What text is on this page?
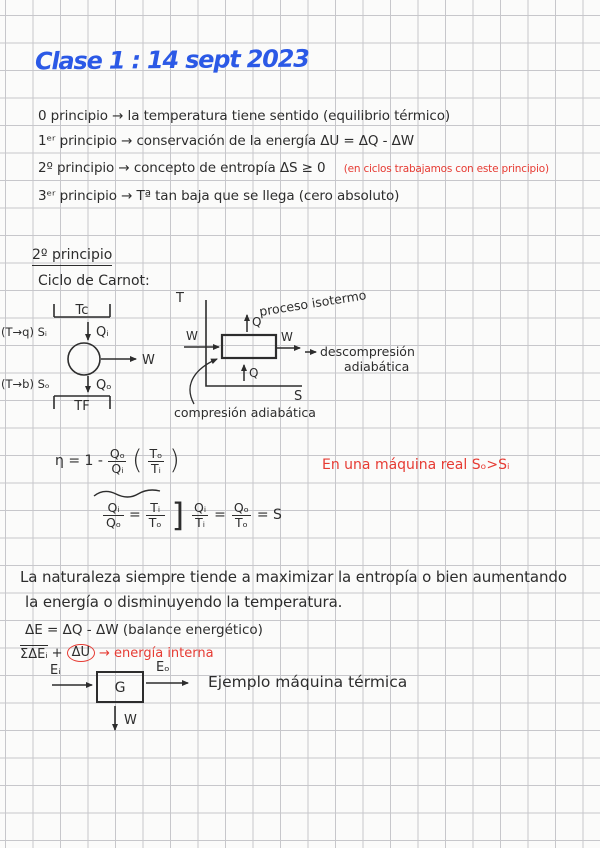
Clase 1 : 14 sept 2023
0 principio → la temperatura tiene sentido (equilibrio térmico)
1ᵉʳ principio → conservación de la energía ΔU = ΔQ - ΔW
2º principio → concepto de entropía ΔS ≥ 0 (en ciclos trabajamos con este principio)
3ᵉʳ principio → Tª tan baja que se llega (cero absoluto)
2º principio
Ciclo de Carnot:
Tc
Qᵢ
(T→q) Sᵢ
W
(T→b) Sₒ	Qₒ
TF
T
S
Q
proceso isotermo
W	W
descompresión
adiabática
Q
compresión adiabática
$\eta = 1 - \frac{\text{Qₒ}}{\text{Qᵢ}}$ ( $\frac{\text{Tₒ}}{\text{Tᵢ}}$ )
$\frac{\text{Qᵢ}}{\text{Qₒ}} = \frac{\text{Tᵢ}}{\text{Tₒ}}$ ] $\frac{\text{Qᵢ}}{\text{Tᵢ}} = \frac{\text{Qₒ}}{\text{Tₒ}} = S$
En una máquina real Sₒ>Sᵢ
La naturaleza siempre tiende a maximizar la entropía o bien aumentando
la energía o disminuyendo la temperatura.
ΔE = ΔQ - ΔW (balance energético)
ΣΔEᵢ + ΔU → energía interna
Eᵢ
G
Eₒ
W
Ejemplo máquina térmica
